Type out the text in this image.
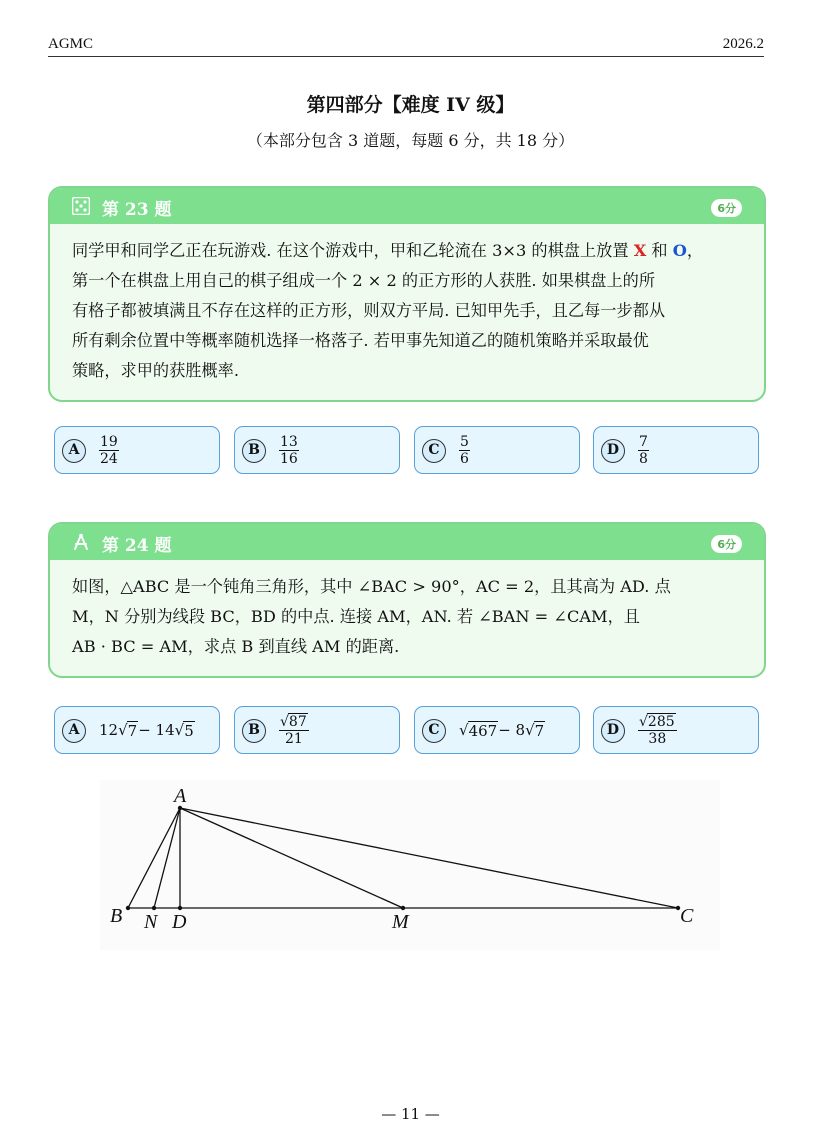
AGMC	2026.2
第四部分【难度 IV 级】
（本部分包含 3 道题，每题 6 分，共 18 分）
第 23 题	6分
同学甲和同学乙正在玩游戏. 在这个游戏中，甲和乙轮流在 3×3 的棋盘上放置 X 和 O，
第一个在棋盘上用自己的棋子组成一个 2 × 2 的正方形的人获胜. 如果棋盘上的所
有格子都被填满且不存在这样的正方形，则双方平局. 已知甲先手，且乙每一步都从
所有剩余位置中等概率随机选择一格落子. 若甲事先知道乙的随机策略并采取最优
策略，求甲的获胜概率.
A	$\frac{19}{24}$	B	$\frac{13}{16}$	C	$\frac{5}{6}$	D	$\frac{7}{8}$
第 24 题	6分
如图，△ABC 是一个钝角三角形，其中 ∠BAC > 90°，AC = 2，且其高为 AD. 点
M，N 分别为线段 BC，BD 的中点. 连接 AM，AN. 若 ∠BAN = ∠CAM，且
AB · BC = AM，求点 B 到直线 AM 的距离.
A	12 √ 7 − 14 √ 5	B	$\frac{√87}{21}$	C	√ 467 − 8 √ 7	D	$\frac{√285}{38}$
A
B N D	M	C
— 11 —
